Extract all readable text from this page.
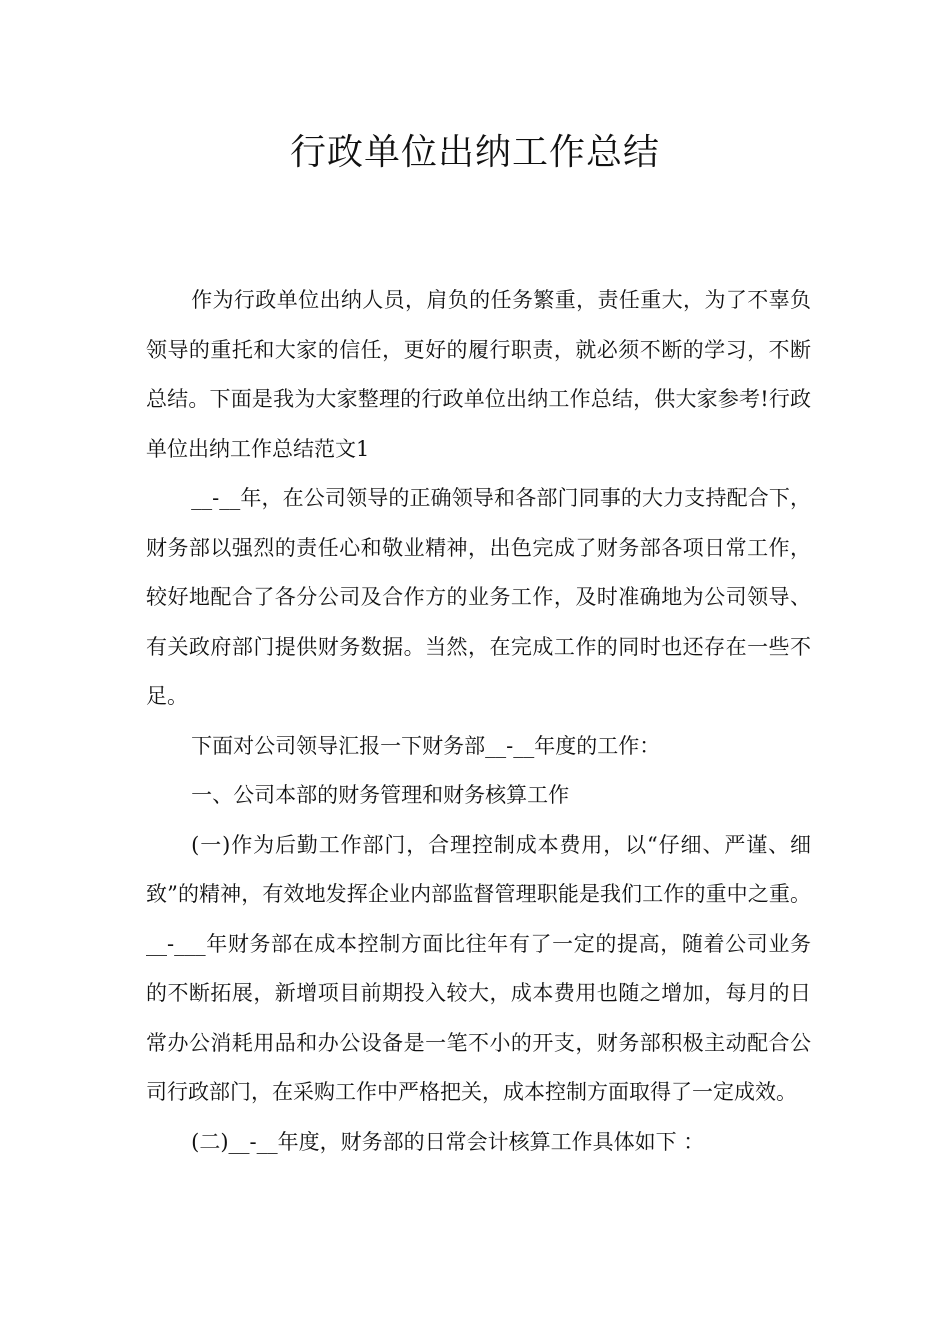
行政单位出纳工作总结

作为行政单位出纳人员，肩负的任务繁重，责任重大，为了不辜负领导的重托和大家的信任，更好的履行职责，就必须不断的学习，不断总结。下面是我为大家整理的行政单位出纳工作总结，供大家参考!行政单位出纳工作总结范文1

__-__年，在公司领导的正确领导和各部门同事的大力支持配合下，财务部以强烈的责任心和敬业精神，出色完成了财务部各项日常工作，较好地配合了各分公司及合作方的业务工作，及时准确地为公司领导、有关政府部门提供财务数据。当然，在完成工作的同时也还存在一些不足。

下面对公司领导汇报一下财务部__-__年度的工作：

一、公司本部的财务管理和财务核算工作

(一)作为后勤工作部门，合理控制成本费用，以“仔细、严谨、细致”的精神，有效地发挥企业内部监督管理职能是我们工作的重中之重。__-___年财务部在成本控制方面比往年有了一定的提高，随着公司业务的不断拓展，新增项目前期投入较大，成本费用也随之增加，每月的日常办公消耗用品和办公设备是一笔不小的开支，财务部积极主动配合公司行政部门，在采购工作中严格把关，成本控制方面取得了一定成效。

(二)__-__年度，财务部的日常会计核算工作具体如下 ：
